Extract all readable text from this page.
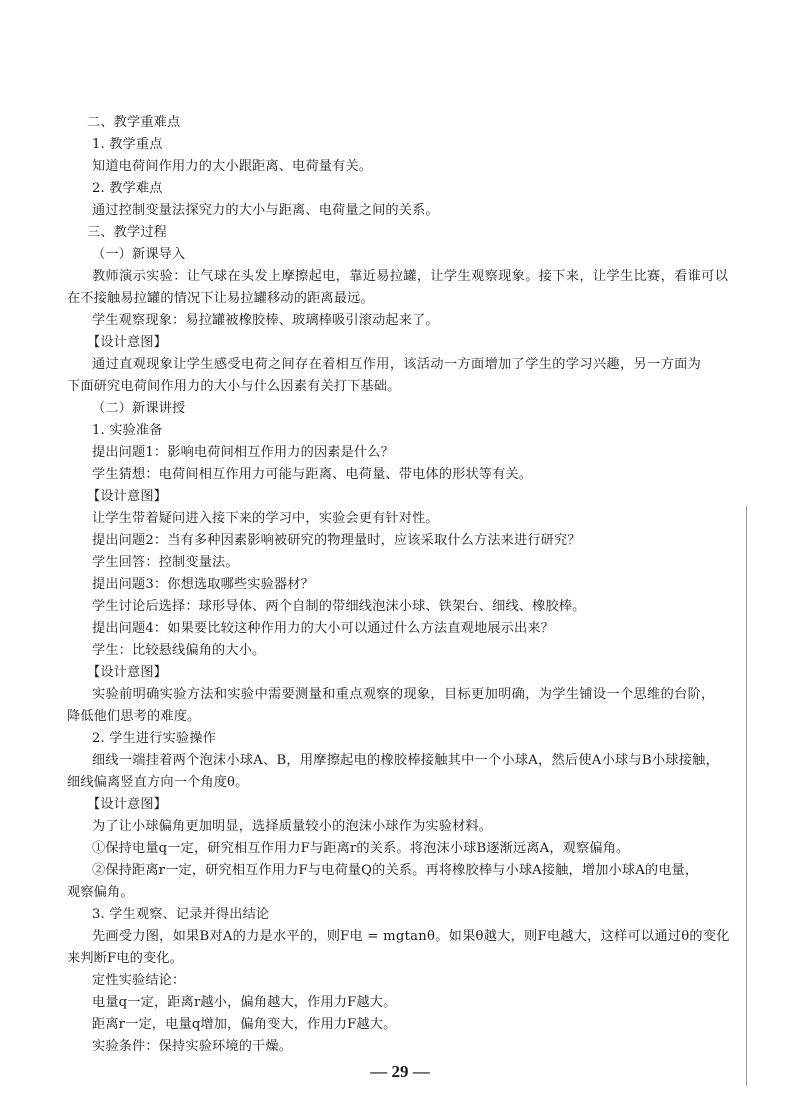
二、教学重难点
1. 教学重点
知道电荷间作用力的大小跟距离、电荷量有关。
2. 教学难点
通过控制变量法探究力的大小与距离、电荷量之间的关系。
三、教学过程
（一）新课导入
教师演示实验：让气球在头发上摩擦起电，靠近易拉罐，让学生观察现象。接下来，让学生比赛，看谁可以
在不接触易拉罐的情况下让易拉罐移动的距离最远。
学生观察现象：易拉罐被橡胶棒、玻璃棒吸引滚动起来了。
【设计意图】
通过直观现象让学生感受电荷之间存在着相互作用，该活动一方面增加了学生的学习兴趣，另一方面为
下面研究电荷间作用力的大小与什么因素有关打下基础。
（二）新课讲授
1. 实验准备
提出问题1：影响电荷间相互作用力的因素是什么？
学生猜想：电荷间相互作用力可能与距离、电荷量、带电体的形状等有关。
【设计意图】
让学生带着疑问进入接下来的学习中，实验会更有针对性。
提出问题2：当有多种因素影响被研究的物理量时，应该采取什么方法来进行研究？
学生回答：控制变量法。
提出问题3：你想选取哪些实验器材？
学生讨论后选择：球形导体、两个自制的带细线泡沫小球、铁架台、细线、橡胶棒。
提出问题4：如果要比较这种作用力的大小可以通过什么方法直观地展示出来？
学生：比较悬线偏角的大小。
【设计意图】
实验前明确实验方法和实验中需要测量和重点观察的现象，目标更加明确，为学生铺设一个思维的台阶，
降低他们思考的难度。
2. 学生进行实验操作
细线一端挂着两个泡沫小球A、B，用摩擦起电的橡胶棒接触其中一个小球A，然后使A小球与B小球接触，
细线偏离竖直方向一个角度θ。
【设计意图】
为了让小球偏角更加明显，选择质量较小的泡沫小球作为实验材料。
①保持电量q一定，研究相互作用力F与距离r的关系。将泡沫小球B逐渐远离A，观察偏角。
②保持距离r一定，研究相互作用力F与电荷量Q的关系。再将橡胶棒与小球A接触，增加小球A的电量，
观察偏角。
3. 学生观察、记录并得出结论
先画受力图，如果B对A的力是水平的，则F电 = mgtanθ。如果θ越大，则F电越大，这样可以通过θ的变化
来判断F电的变化。
定性实验结论：
电量q一定，距离r越小，偏角越大，作用力F越大。
距离r一定，电量q增加，偏角变大，作用力F越大。
实验条件：保持实验环境的干燥。
— 29 —
